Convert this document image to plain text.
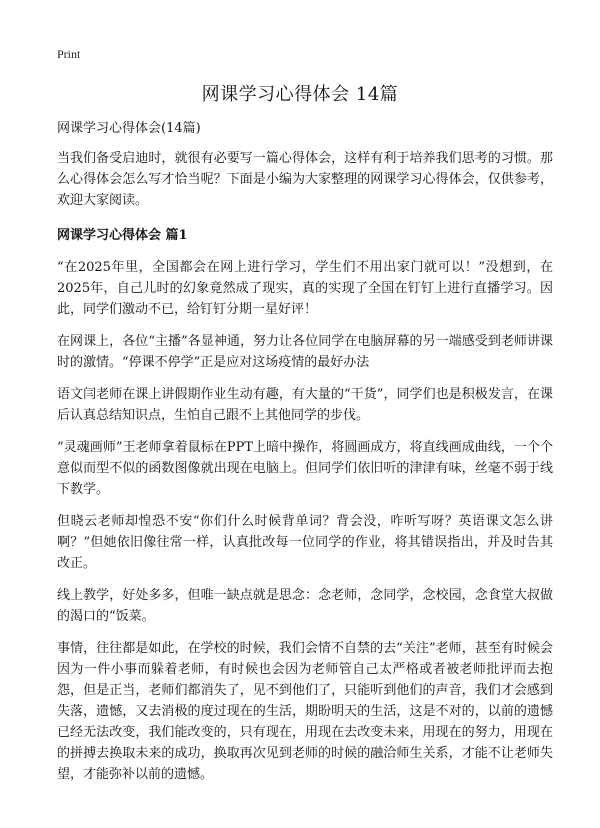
Print
网课学习心得体会 14篇

网课学习心得体会(14篇)

当我们备受启迪时，就很有必要写一篇心得体会，这样有利于培养我们思考的习惯。那么心得体会怎么写才恰当呢？下面是小编为大家整理的网课学习心得体会，仅供参考，欢迎大家阅读。

网课学习心得体会 篇1

“在2025年里，全国都会在网上进行学习，学生们不用出家门就可以！”没想到，在2025年，自己儿时的幻象竟然成了现实，真的实现了全国在钉钉上进行直播学习。因此，同学们激动不已，给钉钉分期一星好评！

在网课上，各位“主播”各显神通，努力让各位同学在电脑屏幕的另一端感受到老师讲课时的激情。“停课不停学”正是应对这场疫情的最好办法

语文闫老师在课上讲假期作业生动有趣，有大量的“干货”，同学们也是积极发言，在课后认真总结知识点，生怕自己跟不上其他同学的步伐。

“灵魂画师”王老师拿着鼠标在PPT上暗中操作，将圆画成方，将直线画成曲线，一个个意似而型不似的函数图像就出现在电脑上。但同学们依旧听的津津有味，丝毫不弱于线下教学。

但晓云老师却惶恐不安“你们什么时候背单词？背会没，咋听写呀？英语课文怎么讲啊？”但她依旧像往常一样，认真批改每一位同学的作业，将其错误指出，并及时告其改正。

线上教学，好处多多，但唯一缺点就是思念：念老师，念同学，念校园，念食堂大叔做的渴口的“饭菜。

事情，往往都是如此，在学校的时候，我们会情不自禁的去“关注”老师，甚至有时候会因为一件小事而躲着老师，有时候也会因为老师管自己太严格或者被老师批评而去抱怨，但是正当，老师们都消失了，见不到他们了，只能听到他们的声音，我们才会感到失落，遗憾，又去消极的度过现在的生活，期盼明天的生活，这是不对的，以前的遗憾已经无法改变，我们能改变的，只有现在，用现在去改变未来，用现在的努力，用现在的拼搏去换取未来的成功，换取再次见到老师的时候的融洽师生关系，才能不让老师失望，才能弥补以前的遗憾。
